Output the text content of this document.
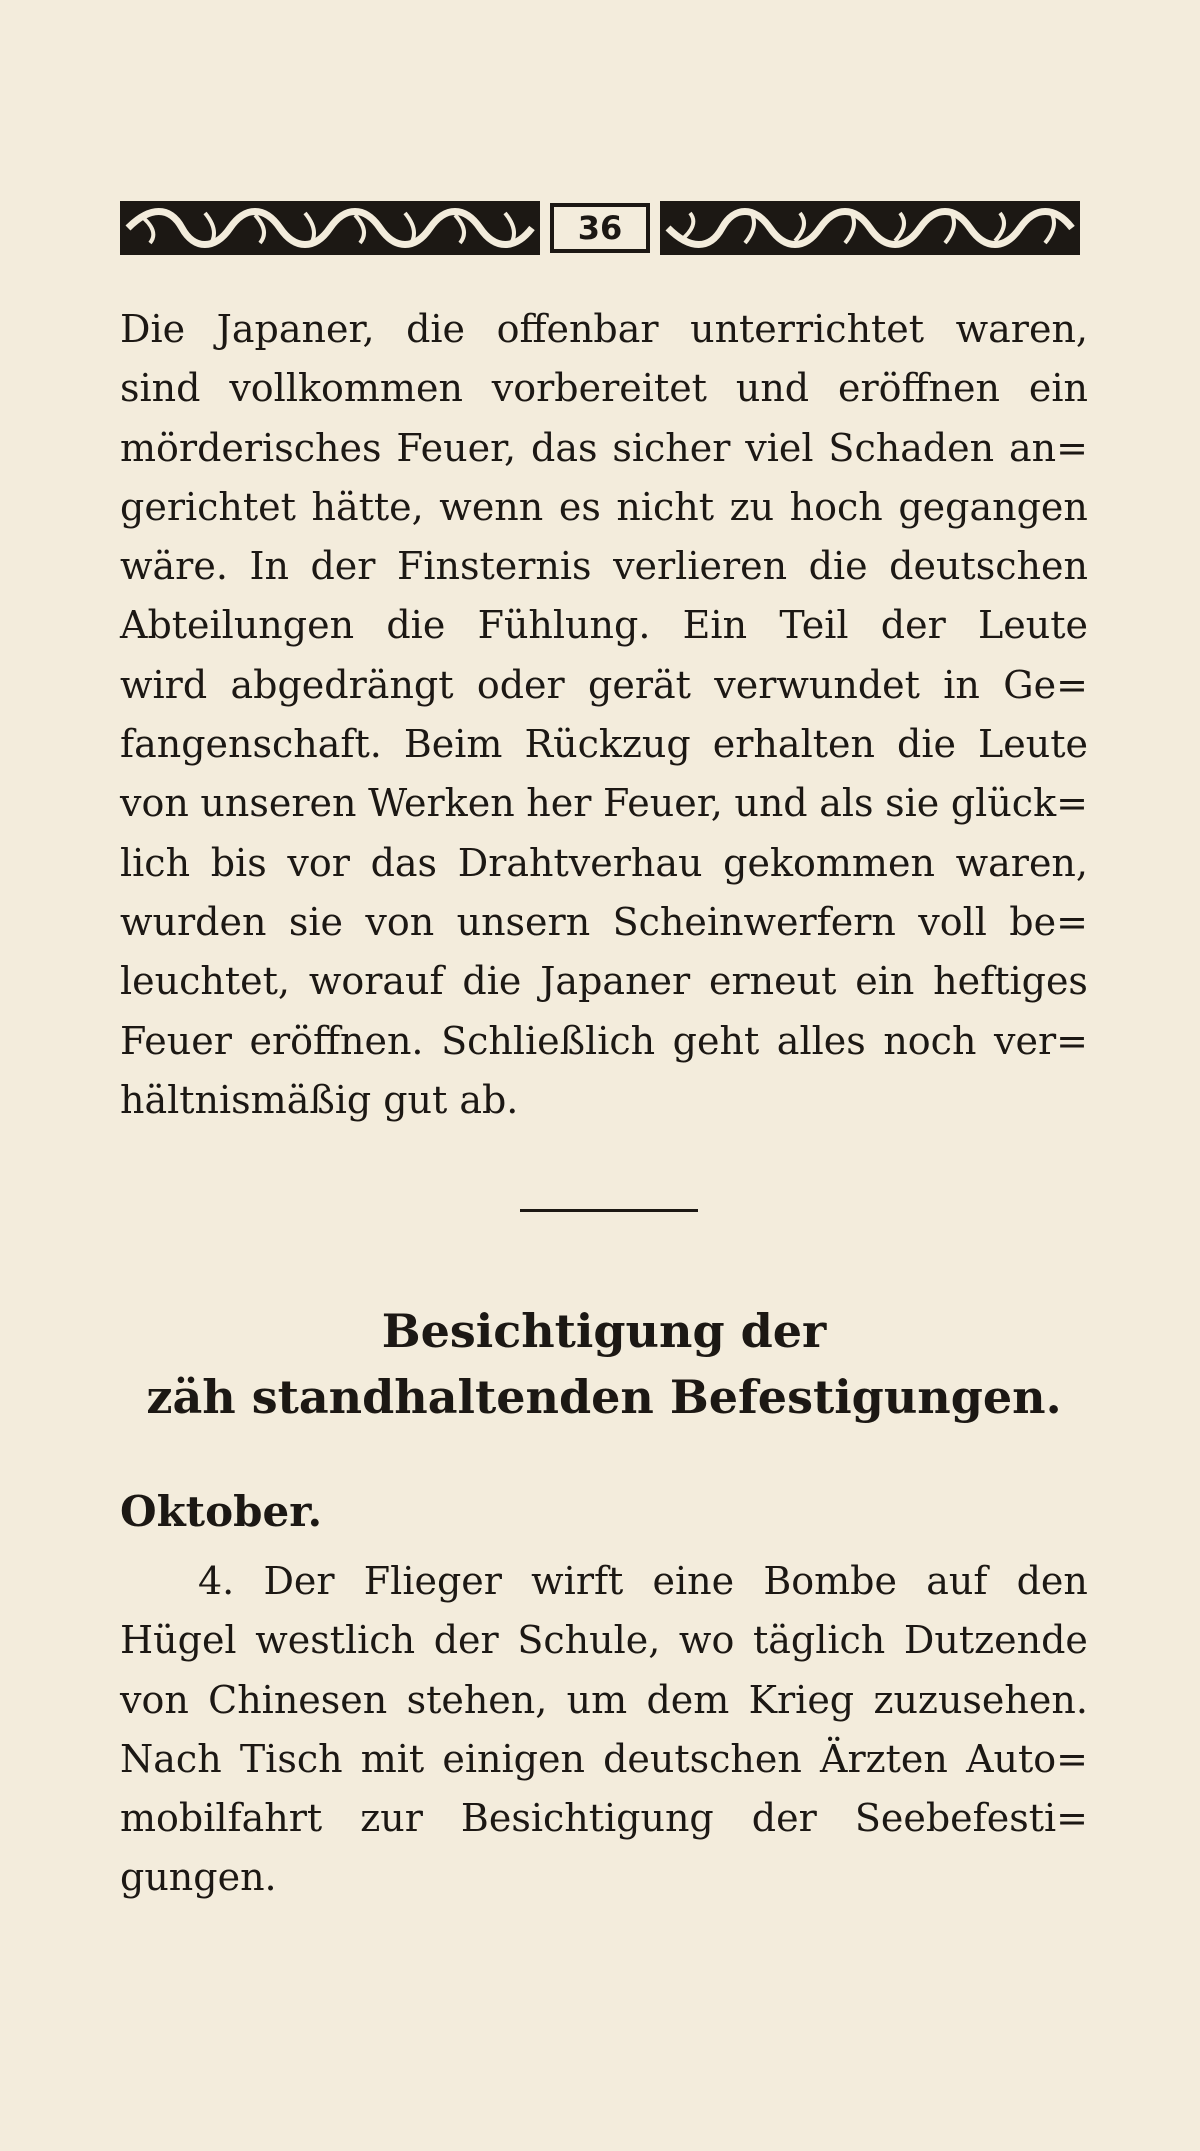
36
Die Japaner, die offenbar unterrichtet waren,
sind vollkommen vorbereitet und eröffnen ein
mörderisches Feuer, das sicher viel Schaden an=
gerichtet hätte, wenn es nicht zu hoch gegangen
wäre. In der Finsternis verlieren die deutschen
Abteilungen die Fühlung. Ein Teil der Leute
wird abgedrängt oder gerät verwundet in Ge=
fangenschaft. Beim Rückzug erhalten die Leute
von unseren Werken her Feuer, und als sie glück=
lich bis vor das Drahtverhau gekommen waren,
wurden sie von unsern Scheinwerfern voll be=
leuchtet, worauf die Japaner erneut ein heftiges
Feuer eröffnen. Schließlich geht alles noch ver=
hältnismäßig gut ab.
Besichtigung der
zäh standhaltenden Befestigungen.
Oktober.
4. Der Flieger wirft eine Bombe auf den
Hügel westlich der Schule, wo täglich Dutzende
von Chinesen stehen, um dem Krieg zuzusehen.
Nach Tisch mit einigen deutschen Ärzten Auto=
mobilfahrt zur Besichtigung der Seebefesti=
gungen.
